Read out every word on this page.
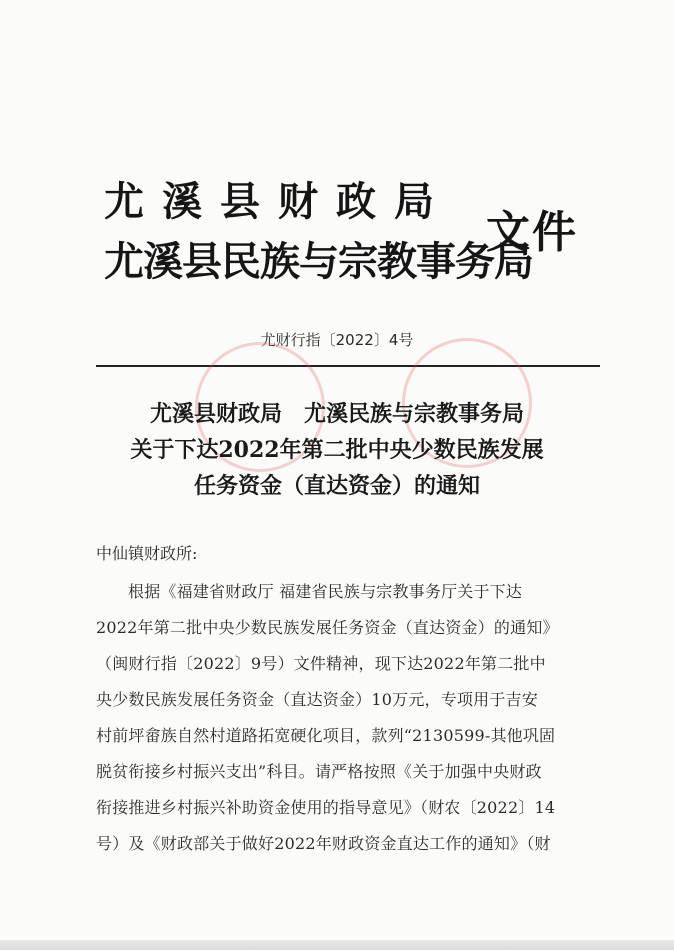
尤溪县财政局
尤溪县民族与宗教事务局
文件
尤财行指〔2022〕4号
尤溪县财政局　尤溪民族与宗教事务局
关于下达2022年第二批中央少数民族发展
任务资金（直达资金）的通知
中仙镇财政所:
根据《福建省财政厅 福建省民族与宗教事务厅关于下达
2022年第二批中央少数民族发展任务资金（直达资金）的通知》
（闽财行指〔2022〕9号）文件精神，现下达2022年第二批中
央少数民族发展任务资金（直达资金）10万元，专项用于吉安
村前坪畲族自然村道路拓宽硬化项目，款列“2130599-其他巩固
脱贫衔接乡村振兴支出”科目。请严格按照《关于加强中央财政
衔接推进乡村振兴补助资金使用的指导意见》（财农〔2022〕14
号）及《财政部关于做好2022年财政资金直达工作的通知》（财
